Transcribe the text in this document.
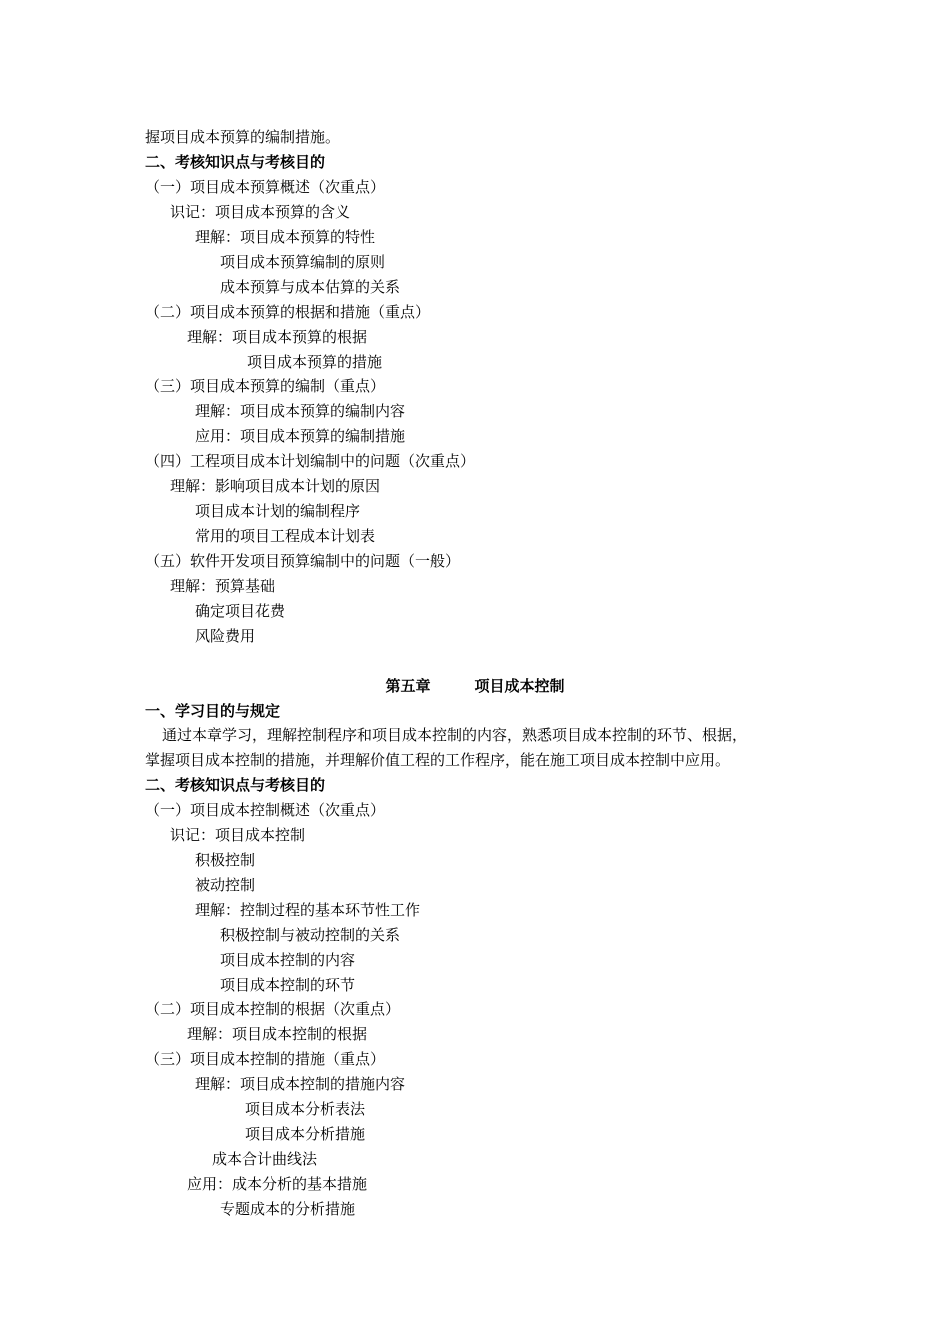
握项目成本预算的编制措施。
二、考核知识点与考核目的
（一）项目成本预算概述（次重点）
识记：项目成本预算的含义
理解：项目成本预算的特性
项目成本预算编制的原则
成本预算与成本估算的关系
（二）项目成本预算的根据和措施（重点）
理解：项目成本预算的根据
项目成本预算的措施
（三）项目成本预算的编制（重点）
理解：项目成本预算的编制内容
应用：项目成本预算的编制措施
（四）工程项目成本计划编制中的问题（次重点）
理解：影响项目成本计划的原因
项目成本计划的编制程序
常用的项目工程成本计划表
（五）软件开发项目预算编制中的问题（一般）
理解：预算基础
确定项目花费
风险费用
第五章	项目成本控制
一、学习目的与规定
通过本章学习，理解控制程序和项目成本控制的内容，熟悉项目成本控制的环节、根据，
掌握项目成本控制的措施，并理解价值工程的工作程序，能在施工项目成本控制中应用。
二、考核知识点与考核目的
（一）项目成本控制概述（次重点）
识记：项目成本控制
积极控制
被动控制
理解：控制过程的基本环节性工作
积极控制与被动控制的关系
项目成本控制的内容
项目成本控制的环节
（二）项目成本控制的根据（次重点）
理解：项目成本控制的根据
（三）项目成本控制的措施（重点）
理解：项目成本控制的措施内容
项目成本分析表法
项目成本分析措施
成本合计曲线法
应用：成本分析的基本措施
专题成本的分析措施
